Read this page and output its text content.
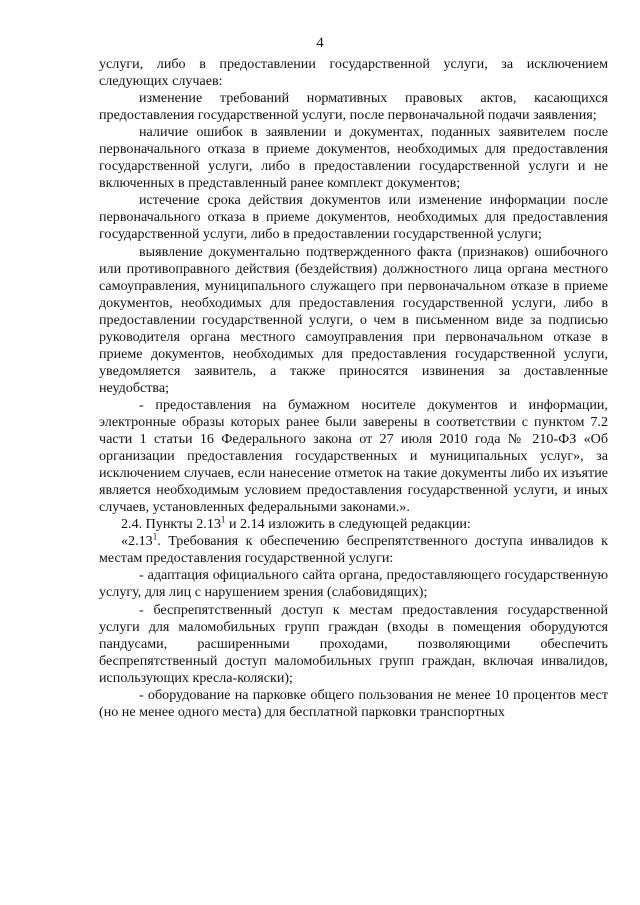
4

услуги, либо в предоставлении государственной услуги, за исключением следующих случаев:

изменение требований нормативных правовых актов, касающихся предоставления государственной услуги, после первоначальной подачи заявления;

наличие ошибок в заявлении и документах, поданных заявителем после первоначального отказа в приеме документов, необходимых для предоставления государственной услуги, либо в предоставлении государственной услуги и не включенных в представленный ранее комплект документов;

истечение срока действия документов или изменение информации после первоначального отказа в приеме документов, необходимых для предоставления государственной услуги, либо в предоставлении государственной услуги;

выявление документально подтвержденного факта (признаков) ошибочного или противоправного действия (бездействия) должностного лица органа местного самоуправления, муниципального служащего при первоначальном отказе в приеме документов, необходимых для предоставления государственной услуги, либо в предоставлении государственной услуги, о чем в письменном виде за подписью руководителя органа местного самоуправления при первоначальном отказе в приеме документов, необходимых для предоставления государственной услуги, уведомляется заявитель, а также приносятся извинения за доставленные неудобства;

- предоставления на бумажном носителе документов и информации, электронные образы которых ранее были заверены в соответствии с пунктом 7.2 части 1 статьи 16 Федерального закона от 27 июля 2010 года № 210-ФЗ «Об организации предоставления государственных и муниципальных услуг», за исключением случаев, если нанесение отметок на такие документы либо их изъятие является необходимым условием предоставления государственной услуги, и иных случаев, установленных федеральными законами.».

2.4. Пункты 2.13$^1$ и 2.14 изложить в следующей редакции:

«2.13$^1$. Требования к обеспечению беспрепятственного доступа инвалидов к местам предоставления государственной услуги:

- адаптация официального сайта органа, предоставляющего государственную услугу, для лиц с нарушением зрения (слабовидящих);

- беспрепятственный доступ к местам предоставления государственной услуги для маломобильных групп граждан (входы в помещения оборудуются пандусами, расширенными проходами, позволяющими обеспечить беспрепятственный доступ маломобильных групп граждан, включая инвалидов, использующих кресла-коляски);

- оборудование на парковке общего пользования не менее 10 процентов мест (но не менее одного места) для бесплатной парковки транспортных
